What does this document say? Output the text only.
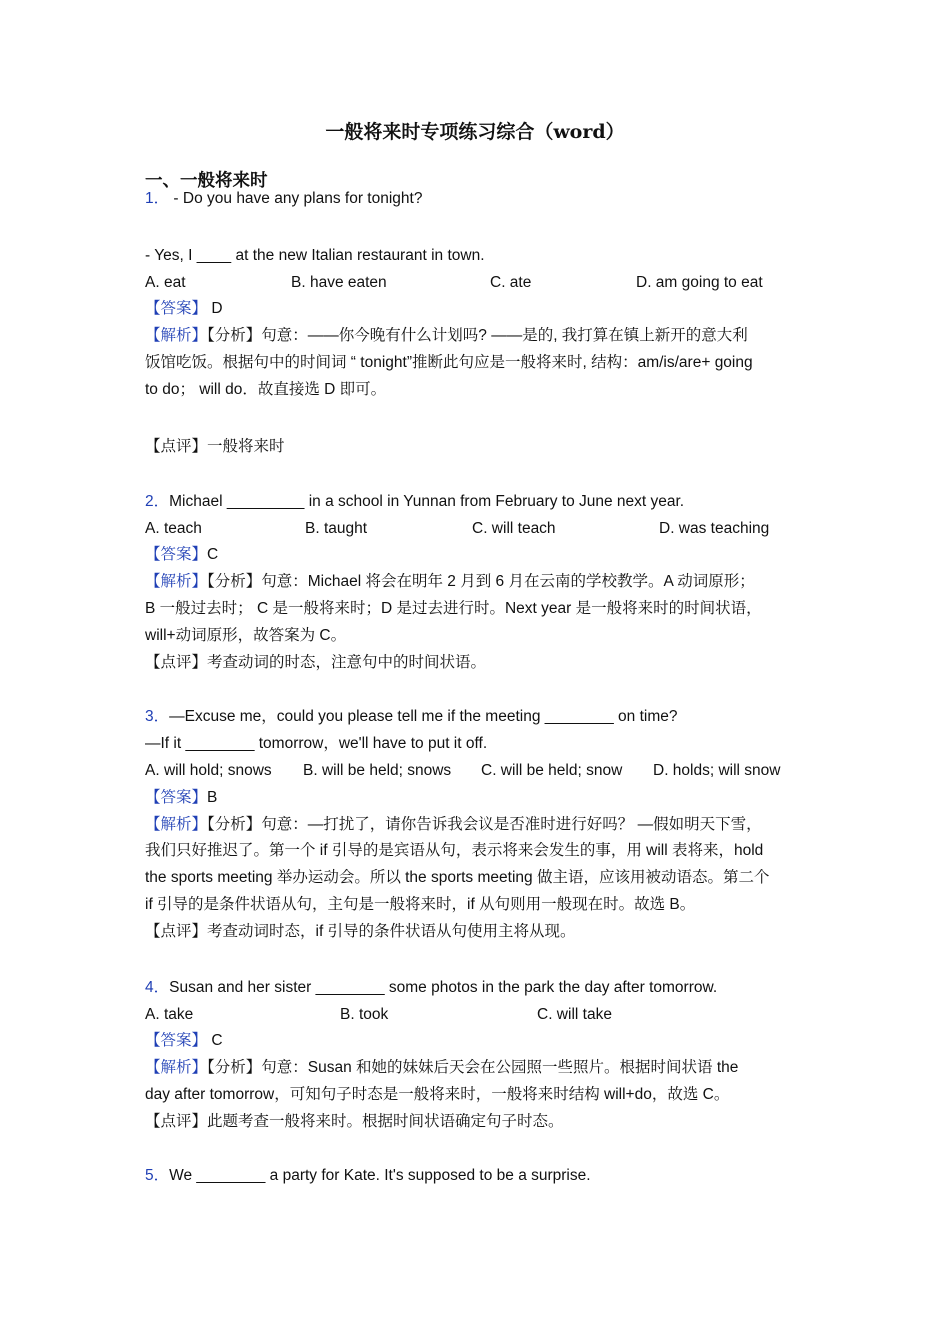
一般将来时专项练习综合（word）
一、一般将来时
1． - Do you have any plans for tonight?
- Yes, I ____ at the new Italian restaurant in town.
A. eat	B. have eaten	C. ate	D. am going to eat
【答案】 D
【解析】【分析】句意：——你今晚有什么计划吗? ——是的, 我打算在镇上新开的意大利
饭馆吃饭。根据句中的时间词 “ tonight”推断此句应是一般将来时, 结构：am/is/are+ going
to do； will do．故直接选 D 即可。
【点评】一般将来时
2．Michael _________ in a school in Yunnan from February to June next year.
A. teach	B. taught	C. will teach	D. was teaching
【答案】C
【解析】【分析】句意：Michael 将会在明年 2 月到 6 月在云南的学校教学。A 动词原形；
B 一般过去时； C 是一般将来时；D 是过去进行时。Next year 是一般将来时的时间状语，
will+动词原形，故答案为 C。
【点评】考查动词的时态，注意句中的时间状语。
3．—Excuse me，could you please tell me if the meeting ________ on time?
—If it ________ tomorrow，we'll have to put it off.
A. will hold; snows B. will be held; snows C. will be held; snow D. holds; will snow
【答案】B
【解析】【分析】句意：—打扰了，请你告诉我会议是否准时进行好吗？ —假如明天下雪，
我们只好推迟了。第一个 if 引导的是宾语从句，表示将来会发生的事，用 will 表将来，hold
the sports meeting 举办运动会。所以 the sports meeting 做主语，应该用被动语态。第二个
if 引导的是条件状语从句，主句是一般将来时，if 从句则用一般现在时。故选 B。
【点评】考查动词时态，if 引导的条件状语从句使用主将从现。
4．Susan and her sister ________ some photos in the park the day after tomorrow.
A. take	B. took	C. will take
【答案】 C
【解析】【分析】句意：Susan 和她的妹妹后天会在公园照一些照片。根据时间状语 the
day after tomorrow，可知句子时态是一般将来时，一般将来时结构 will+do，故选 C。
【点评】此题考查一般将来时。根据时间状语确定句子时态。
5．We ________ a party for Kate. It's supposed to be a surprise.
